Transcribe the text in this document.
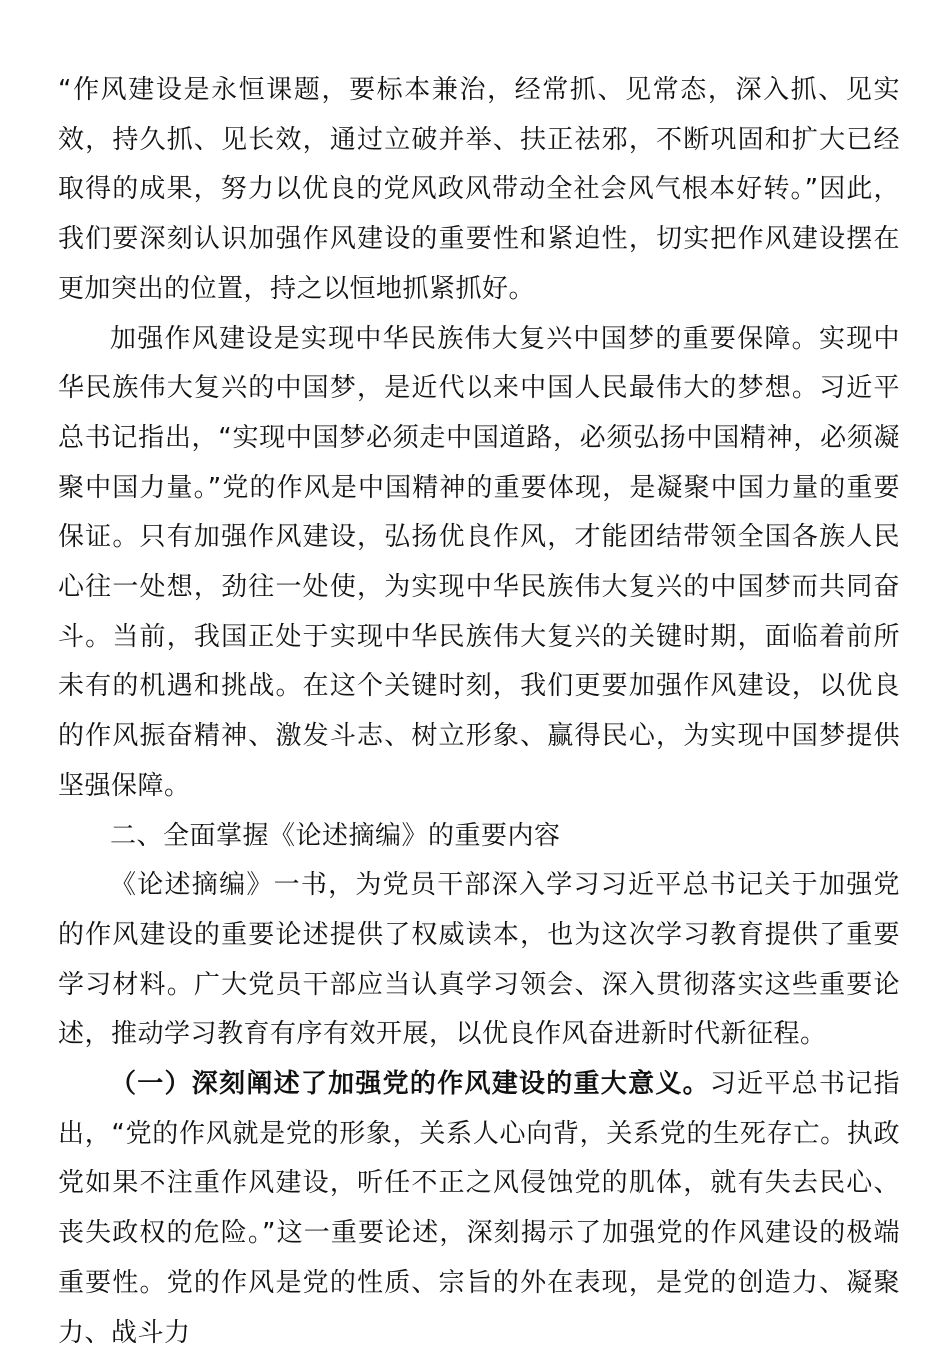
“作风建设是永恒课题，要标本兼治，经常抓、见常态，深入抓、见实效，持久抓、见长效，通过立破并举、扶正祛邪，不断巩固和扩大已经取得的成果，努力以优良的党风政风带动全社会风气根本好转。”因此，我们要深刻认识加强作风建设的重要性和紧迫性，切实把作风建设摆在更加突出的位置，持之以恒地抓紧抓好。

加强作风建设是实现中华民族伟大复兴中国梦的重要保障。实现中华民族伟大复兴的中国梦，是近代以来中国人民最伟大的梦想。习近平总书记指出，“实现中国梦必须走中国道路，必须弘扬中国精神，必须凝聚中国力量。”党的作风是中国精神的重要体现，是凝聚中国力量的重要保证。只有加强作风建设，弘扬优良作风，才能团结带领全国各族人民心往一处想，劲往一处使，为实现中华民族伟大复兴的中国梦而共同奋斗。当前，我国正处于实现中华民族伟大复兴的关键时期，面临着前所未有的机遇和挑战。在这个关键时刻，我们更要加强作风建设，以优良的作风振奋精神、激发斗志、树立形象、赢得民心，为实现中国梦提供坚强保障。

二、全面掌握《论述摘编》的重要内容

《论述摘编》一书，为党员干部深入学习习近平总书记关于加强党的作风建设的重要论述提供了权威读本，也为这次学习教育提供了重要学习材料。广大党员干部应当认真学习领会、深入贯彻落实这些重要论述，推动学习教育有序有效开展，以优良作风奋进新时代新征程。

（一）深刻阐述了加强党的作风建设的重大意义。习近平总书记指出，“党的作风就是党的形象，关系人心向背，关系党的生死存亡。执政党如果不注重作风建设，听任不正之风侵蚀党的肌体，就有失去民心、丧失政权的危险。”这一重要论述，深刻揭示了加强党的作风建设的极端重要性。党的作风是党的性质、宗旨的外在表现，是党的创造力、凝聚力、战斗力
